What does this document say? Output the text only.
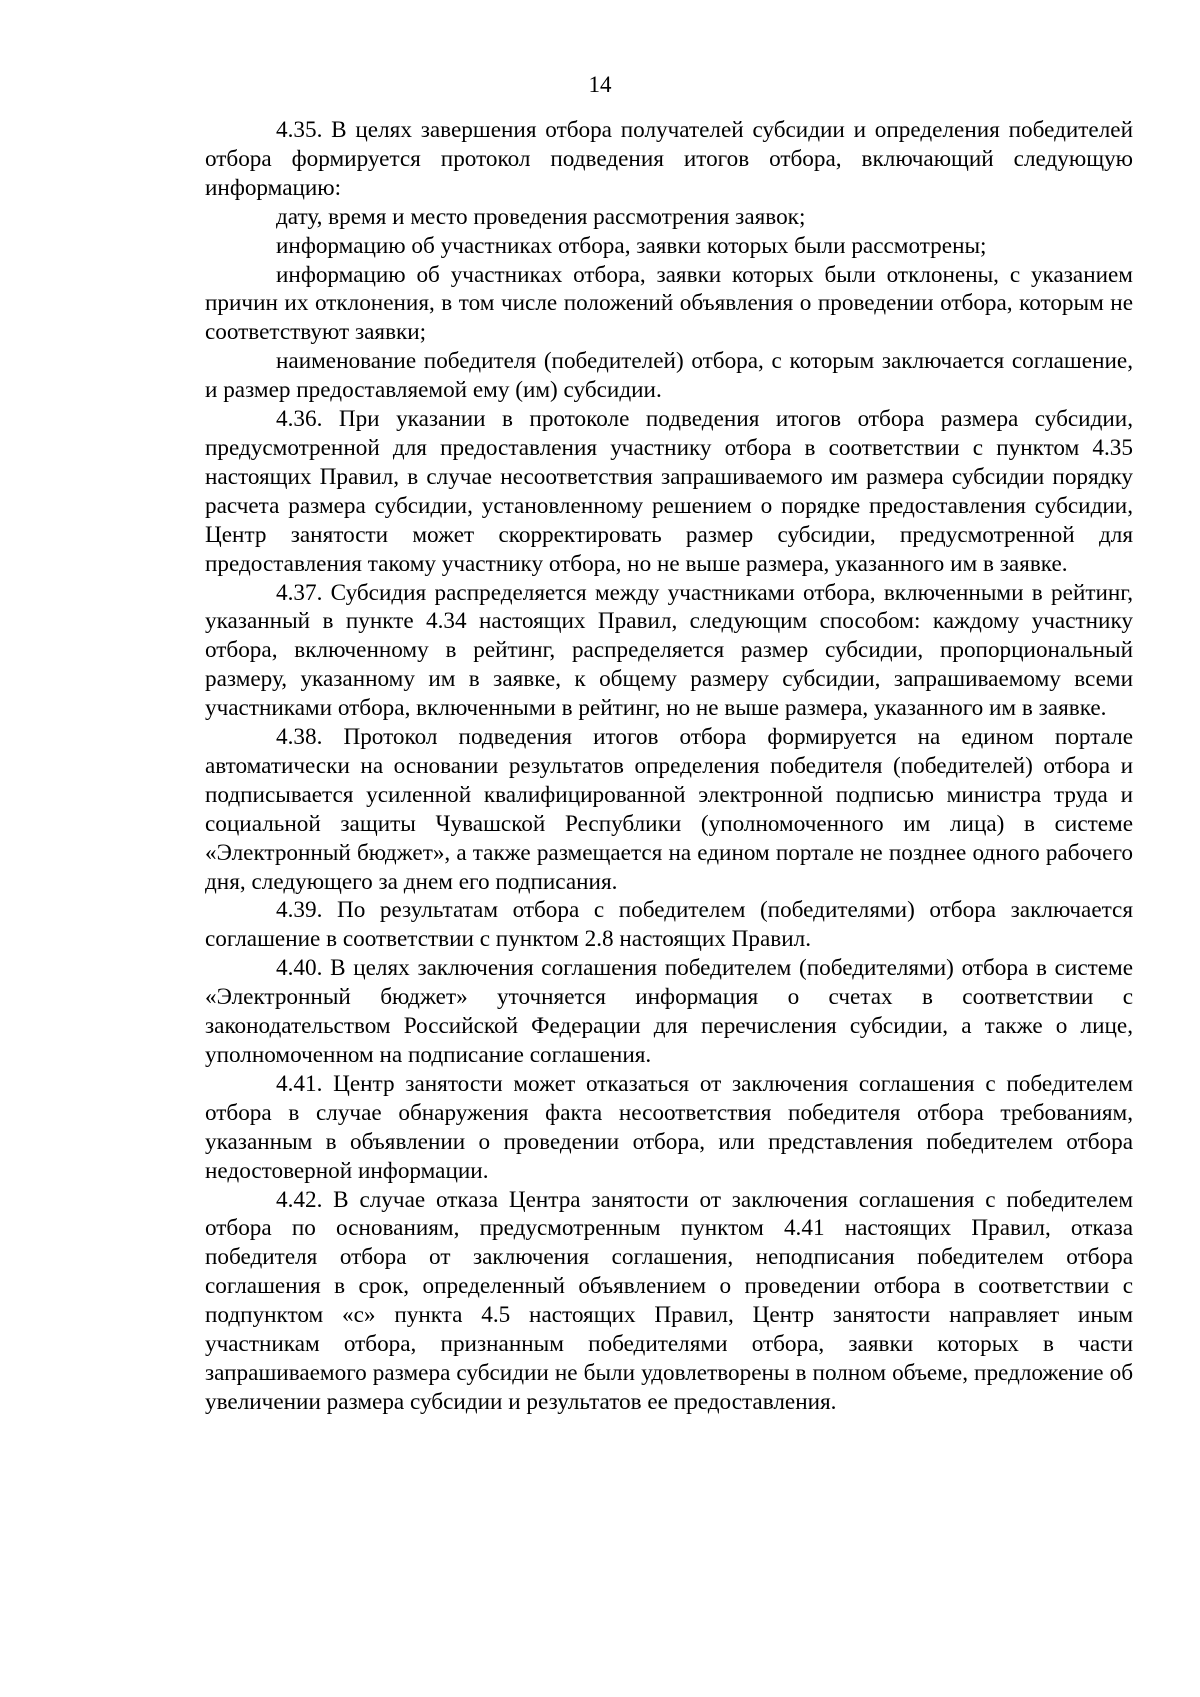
14

4.35. В целях завершения отбора получателей субсидии и определения победителей отбора формируется протокол подведения итогов отбора, включающий следующую информацию:

дату, время и место проведения рассмотрения заявок;

информацию об участниках отбора, заявки которых были рассмотрены;

информацию об участниках отбора, заявки которых были отклонены, с указанием причин их отклонения, в том числе положений объявления о проведении отбора, которым не соответствуют заявки;

наименование победителя (победителей) отбора, с которым заключается соглашение, и размер предоставляемой ему (им) субсидии.

4.36. При указании в протоколе подведения итогов отбора размера субсидии, предусмотренной для предоставления участнику отбора в соответствии с пунктом 4.35 настоящих Правил, в случае несоответствия запрашиваемого им размера субсидии порядку расчета размера субсидии, установленному решением о порядке предоставления субсидии, Центр занятости может скорректировать размер субсидии, предусмотренной для предоставления такому участнику отбора, но не выше размера, указанного им в заявке.

4.37. Субсидия распределяется между участниками отбора, включенными в рейтинг, указанный в пункте 4.34 настоящих Правил, следующим способом: каждому участнику отбора, включенному в рейтинг, распределяется размер субсидии, пропорциональный размеру, указанному им в заявке, к общему размеру субсидии, запрашиваемому всеми участниками отбора, включенными в рейтинг, но не выше размера, указанного им в заявке.

4.38. Протокол подведения итогов отбора формируется на едином портале автоматически на основании результатов определения победителя (победителей) отбора и подписывается усиленной квалифицированной электронной подписью министра труда и социальной защиты Чувашской Республики (уполномоченного им лица) в системе «Электронный бюджет», а также размещается на едином портале не позднее одного рабочего дня, следующего за днем его подписания.

4.39. По результатам отбора с победителем (победителями) отбора заключается соглашение в соответствии с пунктом 2.8 настоящих Правил.

4.40. В целях заключения соглашения победителем (победителями) отбора в системе «Электронный бюджет» уточняется информация о счетах в соответствии с законодательством Российской Федерации для перечисления субсидии, а также о лице, уполномоченном на подписание соглашения.

4.41. Центр занятости может отказаться от заключения соглашения с победителем отбора в случае обнаружения факта несоответствия победителя отбора требованиям, указанным в объявлении о проведении отбора, или представления победителем отбора недостоверной информации.

4.42. В случае отказа Центра занятости от заключения соглашения с победителем отбора по основаниям, предусмотренным пунктом 4.41 настоящих Правил, отказа победителя отбора от заключения соглашения, неподписания победителем отбора соглашения в срок, определенный объявлением о проведении отбора в соответствии с подпунктом «с» пункта 4.5 настоящих Правил, Центр занятости направляет иным участникам отбора, признанным победителями отбора, заявки которых в части запрашиваемого размера субсидии не были удовлетворены в полном объеме, предложение об увеличении размера субсидии и результатов ее предоставления.
